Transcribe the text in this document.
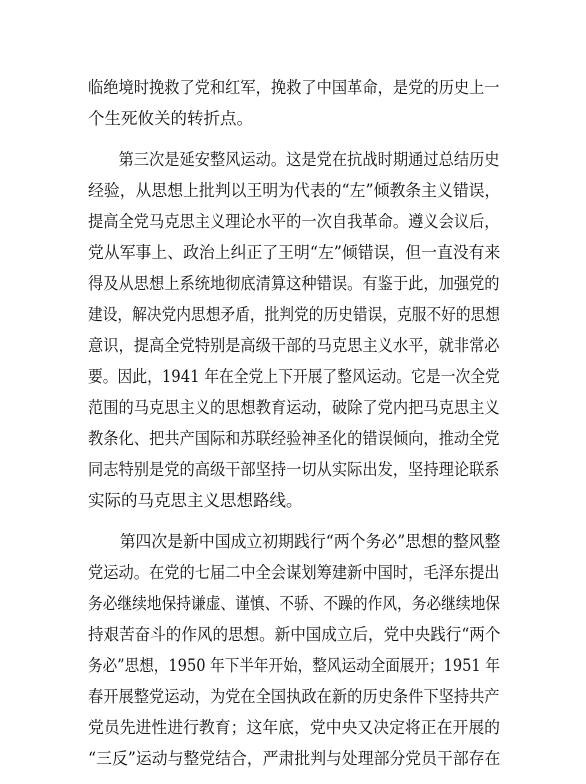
临绝境时挽救了党和红军，挽救了中国革命，是党的历史上一
个生死攸关的转折点。
　　第三次是延安整风运动。这是党在抗战时期通过总结历史
经验，从思想上批判以王明为代表的“左”倾教条主义错误，
提高全党马克思主义理论水平的一次自我革命。遵义会议后，
党从军事上、政治上纠正了王明“左”倾错误，但一直没有来
得及从思想上系统地彻底清算这种错误。有鉴于此，加强党的
建设，解决党内思想矛盾，批判党的历史错误，克服不好的思想
意识，提高全党特别是高级干部的马克思主义水平，就非常必
要。因此，1941 年在全党上下开展了整风运动。它是一次全党
范围的马克思主义的思想教育运动，破除了党内把马克思主义
教条化、把共产国际和苏联经验神圣化的错误倾向，推动全党
同志特别是党的高级干部坚持一切从实际出发，坚持理论联系
实际的马克思主义思想路线。
　　第四次是新中国成立初期践行“两个务必”思想的整风整
党运动。在党的七届二中全会谋划筹建新中国时，毛泽东提出
务必继续地保持谦虚、谨慎、不骄、不躁的作风，务必继续地保
持艰苦奋斗的作风的思想。新中国成立后，党中央践行“两个
务必”思想，1950 年下半年开始，整风运动全面展开；1951 年
春开展整党运动，为党在全国执政在新的历史条件下坚持共产
党员先进性进行教育；这年底，党中央又决定将正在开展的
“三反”运动与整党结合，严肃批判与处理部分党员干部存在
